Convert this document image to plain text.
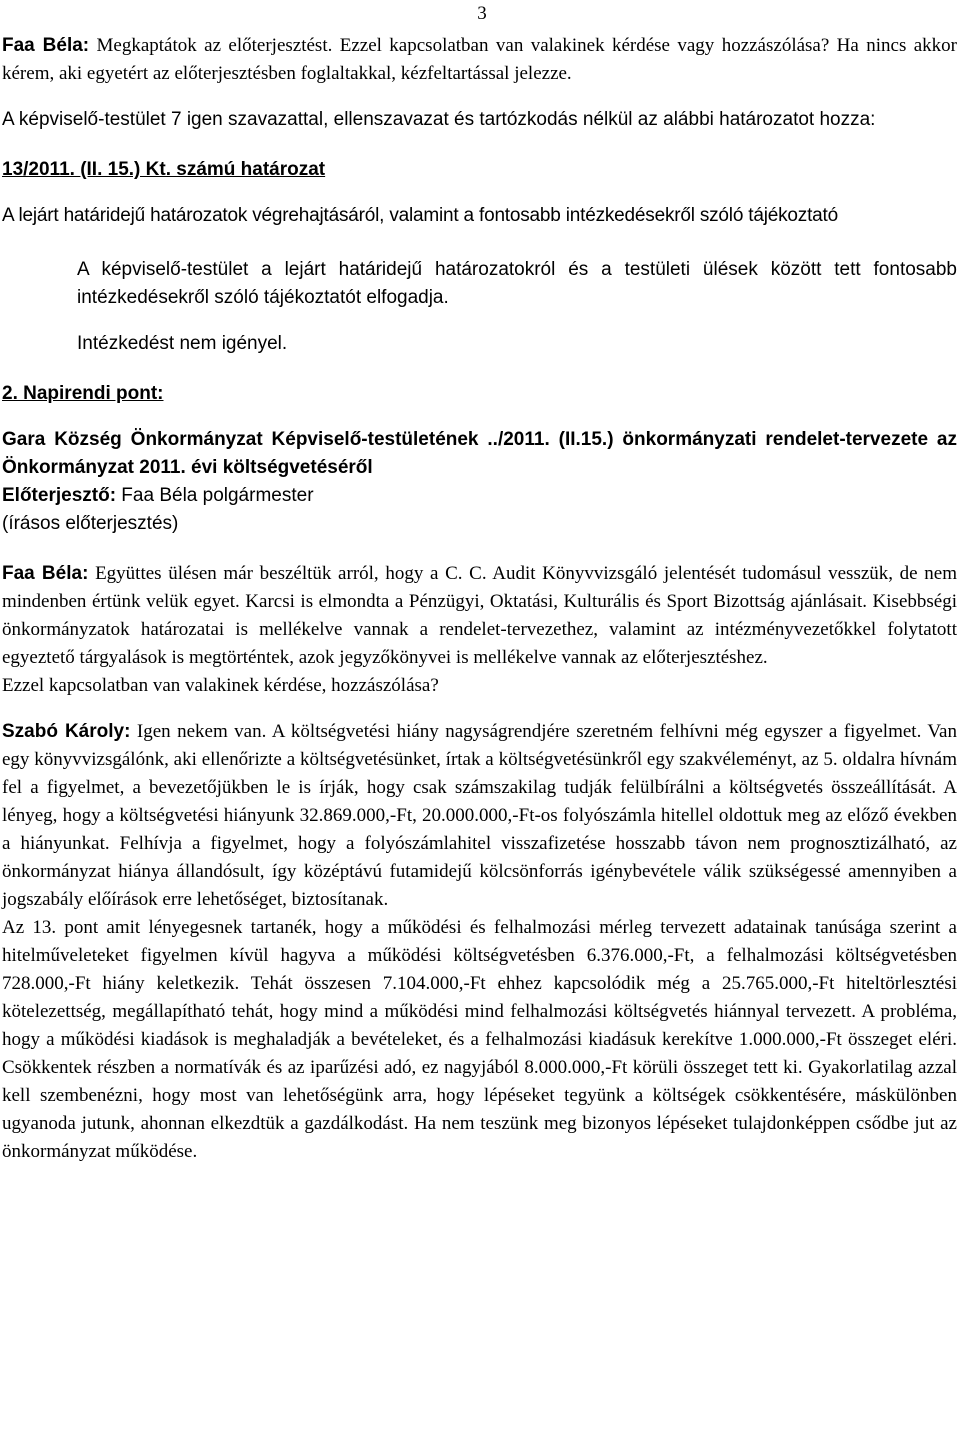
3

Faa Béla: Megkaptátok az előterjesztést. Ezzel kapcsolatban van valakinek kérdése vagy hozzászólása? Ha nincs akkor kérem, aki egyetért az előterjesztésben foglaltakkal, kézfeltartással jelezze.

A képviselő-testület 7 igen szavazattal, ellenszavazat és tartózkodás nélkül az alábbi határozatot hozza:

13/2011. (II. 15.) Kt. számú határozat

A lejárt határidejű határozatok végrehajtásáról, valamint a fontosabb intézkedésekről szóló tájékoztató

A képviselő-testület a lejárt határidejű határozatokról és a testületi ülések között tett fontosabb intézkedésekről szóló tájékoztatót elfogadja.

Intézkedést nem igényel.

2. Napirendi pont:

Gara Község Önkormányzat Képviselő-testületének ../2011. (II.15.) önkormányzati rendelet-tervezete az Önkormányzat 2011. évi költségvetéséről

Előterjesztő: Faa Béla polgármester

(írásos előterjesztés)

Faa Béla: Együttes ülésen már beszéltük arról, hogy a C. C. Audit Könyvvizsgáló jelentését tudomásul vesszük, de nem mindenben értünk velük egyet. Karcsi is elmondta a Pénzügyi, Oktatási, Kulturális és Sport Bizottság ajánlásait. Kisebbségi önkormányzatok határozatai is mellékelve vannak a rendelet-tervezethez, valamint az intézményvezetőkkel folytatott egyeztető tárgyalások is megtörténtek, azok jegyzőkönyvei is mellékelve vannak az előterjesztéshez.

Ezzel kapcsolatban van valakinek kérdése, hozzászólása?

Szabó Károly: Igen nekem van. A költségvetési hiány nagyságrendjére szeretném felhívni még egyszer a figyelmet. Van egy könyvvizsgálónk, aki ellenőrizte a költségvetésünket, írtak a költségvetésünkről egy szakvéleményt, az 5. oldalra hívnám fel a figyelmet, a bevezetőjükben le is írják, hogy csak számszakilag tudják felülbírálni a költségvetés összeállítását. A lényeg, hogy a költségvetési hiányunk 32.869.000,-Ft, 20.000.000,-Ft-os folyószámla hitellel oldottuk meg az előző években a hiányunkat. Felhívja a figyelmet, hogy a folyószámlahitel visszafizetése hosszabb távon nem prognosztizálható, az önkormányzat hiánya állandósult, így középtávú futamidejű kölcsönforrás igénybevétele válik szükségessé amennyiben a jogszabály előírások erre lehetőséget, biztosítanak.

Az 13. pont amit lényegesnek tartanék, hogy a működési és felhalmozási mérleg tervezett adatainak tanúsága szerint a hitelműveleteket figyelmen kívül hagyva a működési költségvetésben 6.376.000,-Ft, a felhalmozási költségvetésben 728.000,-Ft hiány keletkezik. Tehát összesen 7.104.000,-Ft ehhez kapcsolódik még a 25.765.000,-Ft hiteltörlesztési kötelezettség, megállapítható tehát, hogy mind a működési mind felhalmozási költségvetés hiánnyal tervezett. A probléma, hogy a működési kiadások is meghaladják a bevételeket, és a felhalmozási kiadásuk kerekítve 1.000.000,-Ft összeget eléri. Csökkentek részben a normatívák és az iparűzési adó, ez nagyjából 8.000.000,-Ft körüli összeget tett ki. Gyakorlatilag azzal kell szembenézni, hogy most van lehetőségünk arra, hogy lépéseket tegyünk a költségek csökkentésére, máskülönben ugyanoda jutunk, ahonnan elkezdtük a gazdálkodást. Ha nem teszünk meg bizonyos lépéseket tulajdonképpen csődbe jut az önkormányzat működése.
